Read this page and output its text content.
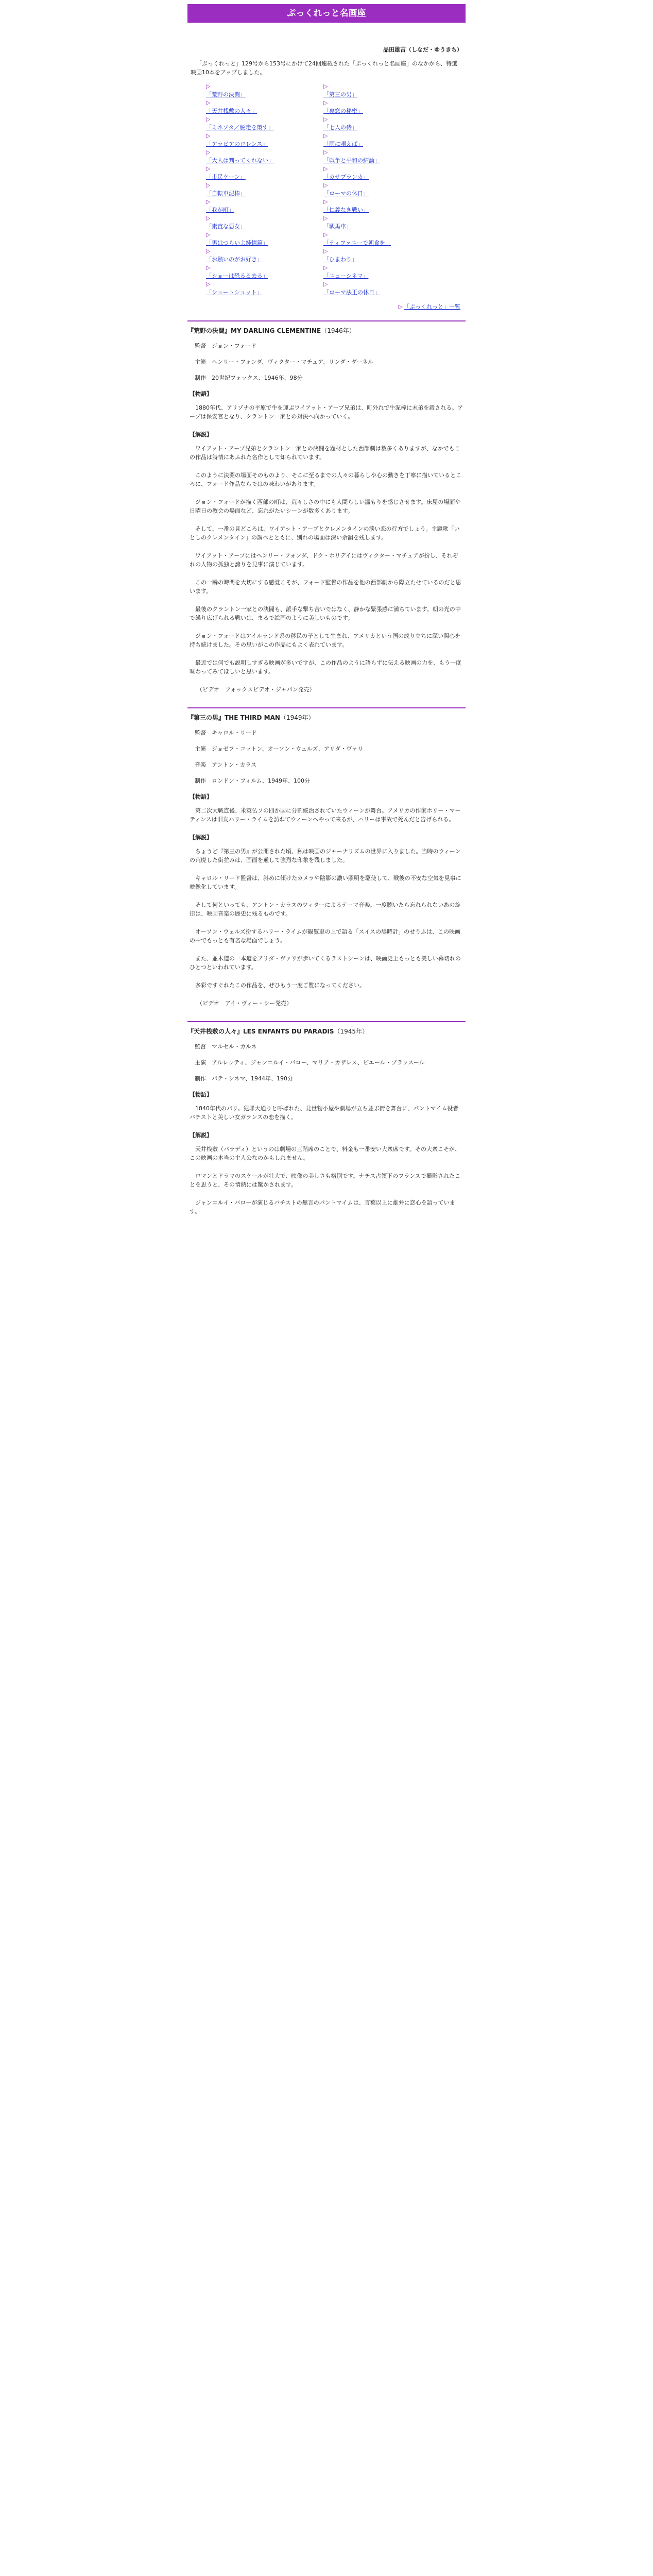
ぷっくれっと名画座
品田雄吉（しなだ・ゆうきち）
「ぷっくれっと」129号から153号にかけて24回連載された「ぷっくれっと名画座」のなかから、特選映画10本をアップしました。
▷
「荒野の決闘」
▷
「天井桟敷の人々」
▷
「ミネソタ／脱走を策す」
▷
「アラビアのロレンス」
▷
「大人は判ってくれない」
▷
「市民ケーン」
▷
「自転車泥棒」
▷
「我が町」
▷
「素直な悪女」
▷
「男はつらいよ純情篇」
▷
「お熱いのがお好き」
▷
「ショーは恐るる去る」
▷
「ショートショット」
▷
「第三の男」
▷
「裏窓の秘密」
▷
「七人の侍」
▷
「雨に唄えば」
▷
「戦争と平和の結論」
▷
「カサブランカ」
▷
「ローマの休日」
▷
「仁義なき戦い」
▷
「駅馬車」
▷
「ティファニーで朝食を」
▷
「ひまわり」
▷
「ニューシネマ」
▷
「ローマ法王の休日」
▷ 「ぷっくれっと」一覧
『荒野の決闘』MY DARLING CLEMENTINE（1946年）
監督　 ジョン・フォード
主演　 ヘンリー・フォンダ、ヴィクター・マチュア、リンダ・ダーネル
制作　 20世紀フォックス、1946年、98分
【物語】
1880年代、アリゾナの平原で牛を運ぶワイアット・アープ兄弟は、町外れで牛泥棒に末弟を殺される。アープは保安官となり、クラントン一家との対決へ向かっていく。
【解説】
ワイアット・アープ兄弟とクラントン一家との決闘を題材とした西部劇は数多くありますが、なかでもこの作品は詩情にあふれた名作として知られています。
このように決闘の場面そのものより、そこに至るまでの人々の暮らしや心の動きを丁寧に描いているところに、フォード作品ならではの味わいがあります。
ジョン・フォードが描く西部の町は、荒々しさの中にも人間らしい温もりを感じさせます。床屋の場面や日曜日の教会の場面など、忘れがたいシーンが数多くあります。
そして、一番の見どころは、ワイアット・アープとクレメンタインの淡い恋の行方でしょう。主題歌「いとしのクレメンタイン」の調べとともに、別れの場面は深い余韻を残します。
ワイアット・アープにはヘンリー・フォンダ、ドク・ホリデイにはヴィクター・マチュアが扮し、それぞれの人物の孤独と誇りを見事に演じています。
この一瞬の時間を大切にする感覚こそが、フォード監督の作品を他の西部劇から際立たせているのだと思います。
最後のクラントン一家との決闘も、派手な撃ち合いではなく、静かな緊張感に満ちています。朝の光の中で繰り広げられる戦いは、まるで絵画のように美しいものです。
ジョン・フォードはアイルランド系の移民の子として生まれ、アメリカという国の成り立ちに深い関心を持ち続けました。その思いがこの作品にもよく表れています。
最近では何でも説明しすぎる映画が多いですが、この作品のように語らずに伝える映画の力を、もう一度味わってみてほしいと思います。
（ビデオ　フォックスビデオ・ジャパン発売）
『第三の男』THE THIRD MAN（1949年）
監督　 キャロル・リード
主演　 ジョゼフ・コットン、オーソン・ウェルズ、アリダ・ヴァリ
音楽　 アントン・カラス
制作　 ロンドン・フィルム、1949年、100分
【物語】
第二次大戦直後、米英仏ソの四か国に分割統治されていたウィーンが舞台。アメリカの作家ホリー・マーティンスは旧友ハリー・ライムを訪ねてウィーンへやって来るが、ハリーは事故で死んだと告げられる。
【解説】
ちょうど『第三の男』が公開された頃、私は映画のジャーナリズムの世界に入りました。当時のウィーンの荒廃した街並みは、画面を通して強烈な印象を残しました。
キャロル・リード監督は、斜めに傾けたカメラや陰影の濃い照明を駆使して、戦後の不安な空気を見事に映像化しています。
そして何といっても、アントン・カラスのツィターによるテーマ音楽。一度聴いたら忘れられないあの旋律は、映画音楽の歴史に残るものです。
オーソン・ウェルズ扮するハリー・ライムが観覧車の上で語る「スイスの鳩時計」のせりふは、この映画の中でもっとも有名な場面でしょう。
また、並木道の一本道をアリダ・ヴァリが歩いてくるラストシーンは、映画史上もっとも美しい幕切れのひとつといわれています。
多彩ですぐれたこの作品を、ぜひもう一度ご覧になってください。
（ビデオ　アイ・ヴィー・シー発売）
『天井桟敷の人々』LES ENFANTS DU PARADIS（1945年）
監督　 マルセル・カルネ
主演　 アルレッティ、ジャン＝ルイ・バロー、マリア・カザレス、ピエール・ブラッスール
制作　 パテ・シネマ、1944年、190分
【物語】
1840年代のパリ。犯罪大通りと呼ばれた、見世物小屋や劇場が立ち並ぶ街を舞台に、パントマイム役者バチストと美しい女ガランスの恋を描く。
【解説】
天井桟敷（パラディ）というのは劇場の三階席のことで、料金も一番安い大衆席です。その大衆こそが、この映画の本当の主人公なのかもしれません。
ロマンとドラマのスケールが壮大で、映像の美しさも格別です。ナチス占領下のフランスで撮影されたことを思うと、その情熱には驚かされます。
ジャン＝ルイ・バローが演じるバチストの無言のパントマイムは、言葉以上に雄弁に恋心を語っています。
